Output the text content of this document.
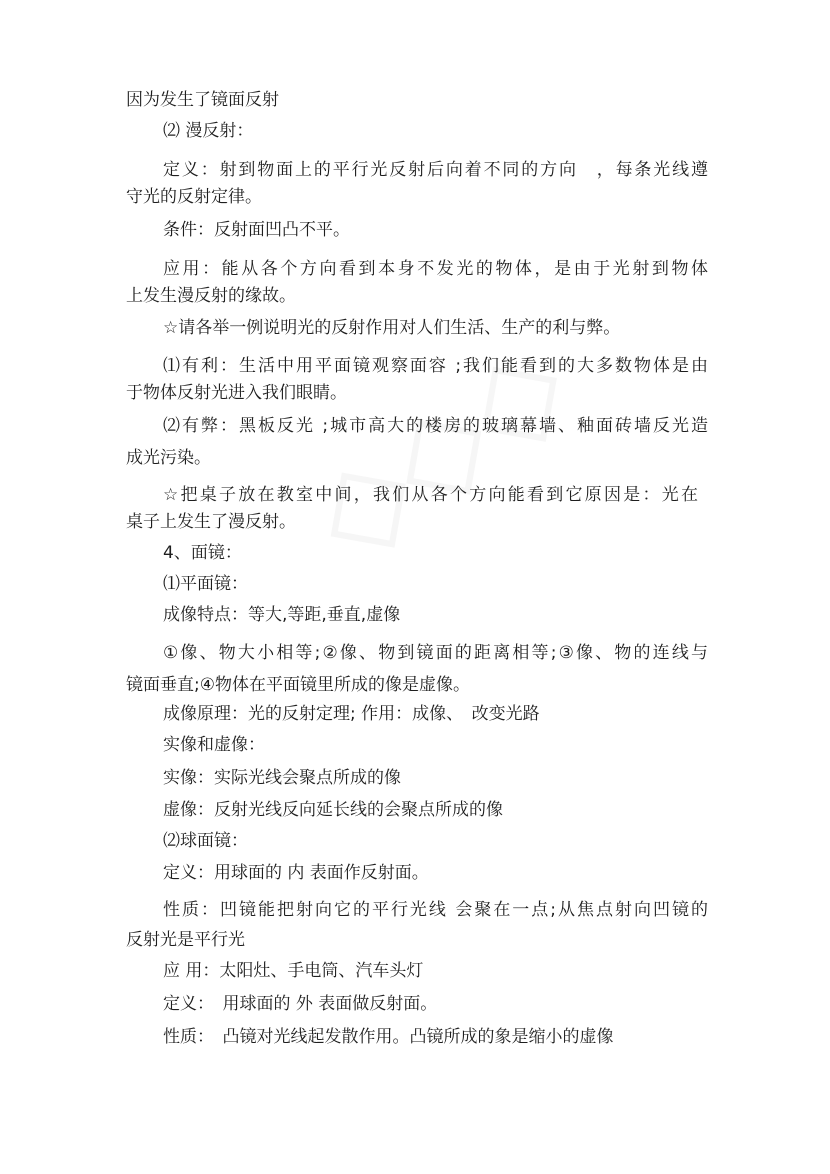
因为发生了镜面反射
⑵ 漫反射：
定义：射到物面上的平行光反射后向着不同的方向　，每条光线遵
守光的反射定律。
条件：反射面凹凸不平。
应用：能从各个方向看到本身不发光的物体，是由于光射到物体
上发生漫反射的缘故。
☆请各举一例说明光的反射作用对人们生活、生产的利与弊。
⑴有利：生活中用平面镜观察面容 ;我们能看到的大多数物体是由
于物体反射光进入我们眼睛。
⑵有弊：黑板反光 ;城市高大的楼房的玻璃幕墙、釉面砖墙反光造
成光污染。
☆把桌子放在教室中间，我们从各个方向能看到它原因是：光在
桌子上发生了漫反射。
4、面镜：
⑴平面镜：
成像特点：等大,等距,垂直,虚像
①像、物大小相等;②像、物到镜面的距离相等;③像、物的连线与
镜面垂直;④物体在平面镜里所成的像是虚像。
成像原理：光的反射定理; 作用：成像、　改变光路
实像和虚像：
实像：实际光线会聚点所成的像
虚像：反射光线反向延长线的会聚点所成的像
⑵球面镜：
定义：用球面的 内 表面作反射面。
性质：凹镜能把射向它的平行光线 会聚在一点;从焦点射向凹镜的
反射光是平行光
应 用：太阳灶、手电筒、汽车头灯
定义：　用球面的 外 表面做反射面。
性质：　凸镜对光线起发散作用。凸镜所成的象是缩小的虚像
